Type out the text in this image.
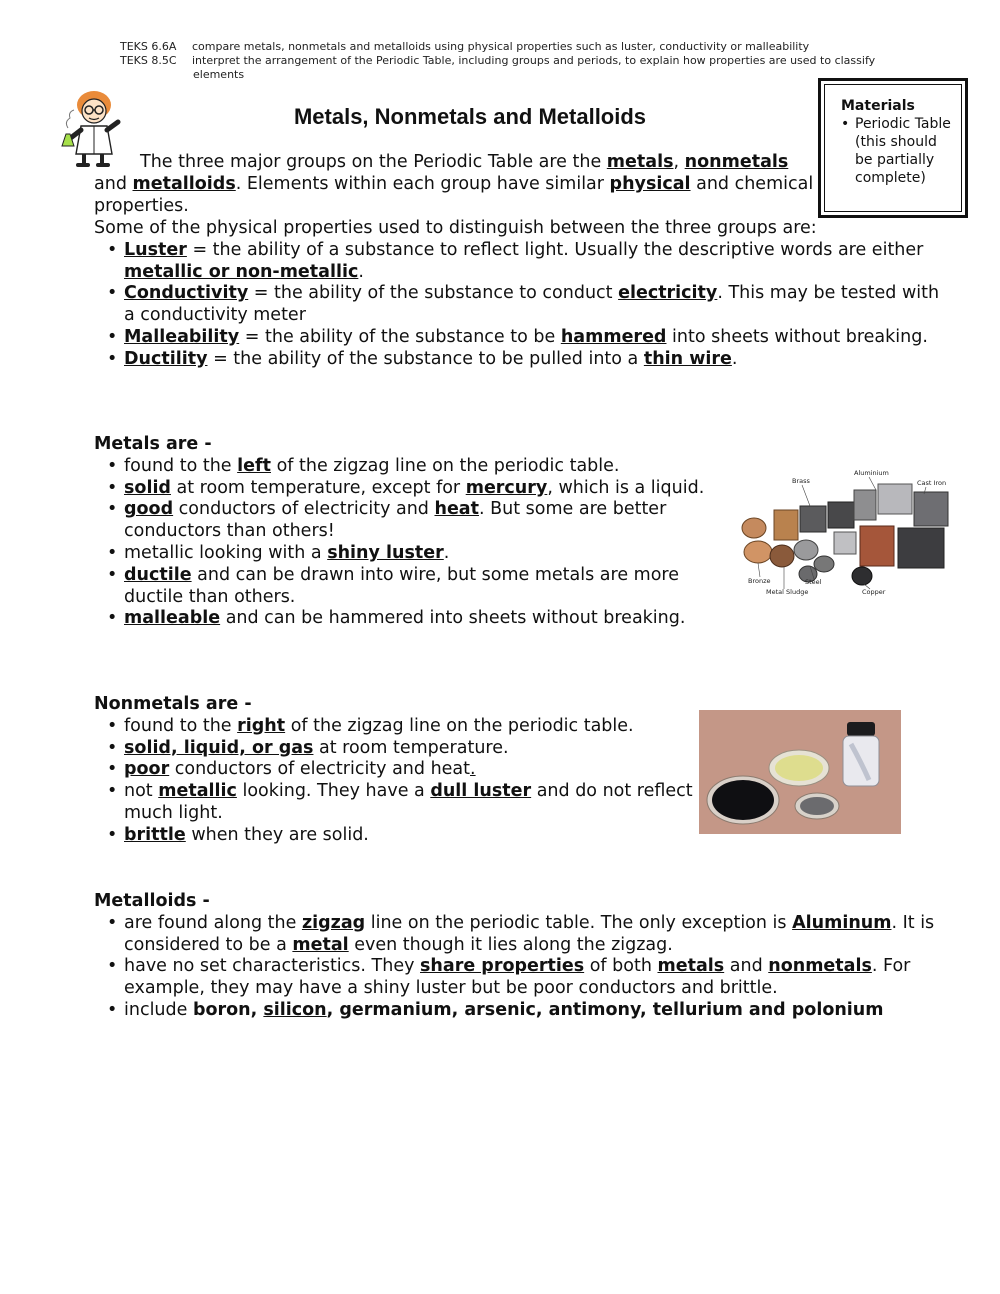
TEKS 6.6A compare metals, nonmetals and metalloids using physical properties such as luster, conductivity or malleability
TEKS 8.5C interpret the arrangement of the Periodic Table, including groups and periods, to explain how properties are used to classify
elements
Metals, Nonmetals and Metalloids	Materials
• Periodic Table (this should be partially complete)

The three major groups on the Periodic Table are the metals, nonmetals and metalloids. Elements within each group have similar physical and chemical properties.

Some of the physical properties used to distinguish between the three groups are:

• Luster = the ability of a substance to reflect light. Usually the descriptive words are either metallic or non-metallic.
• Conductivity = the ability of the substance to conduct electricity. This may be tested with a conductivity meter
• Malleability = the ability of the substance to be hammered into sheets without breaking.
• Ductility = the ability of the substance to be pulled into a thin wire.

Metals are -

• found to the left of the zigzag line on the periodic table.
• solid at room temperature, except for mercury, which is a liquid.
• good conductors of electricity and heat. But some are better conductors than others!
• metallic looking with a shiny luster.
• ductile and can be drawn into wire, but some metals are more ductile than others.
• malleable and can be hammered into sheets without breaking.
Brass
Aluminium
Cast Iron
Bronze	Steel
Metal Sludge	Copper

Nonmetals are -

• found to the right of the zigzag line on the periodic table.
• solid, liquid, or gas at room temperature.
• poor conductors of electricity and heat.
• not metallic looking. They have a dull luster and do not reflect much light.
• brittle when they are solid.

Metalloids -

• are found along the zigzag line on the periodic table. The only exception is Aluminum. It is considered to be a metal even though it lies along the zigzag.
• have no set characteristics. They share properties of both metals and nonmetals. For example, they may have a shiny luster but be poor conductors and brittle.
• include boron, silicon, germanium, arsenic, antimony, tellurium and polonium
